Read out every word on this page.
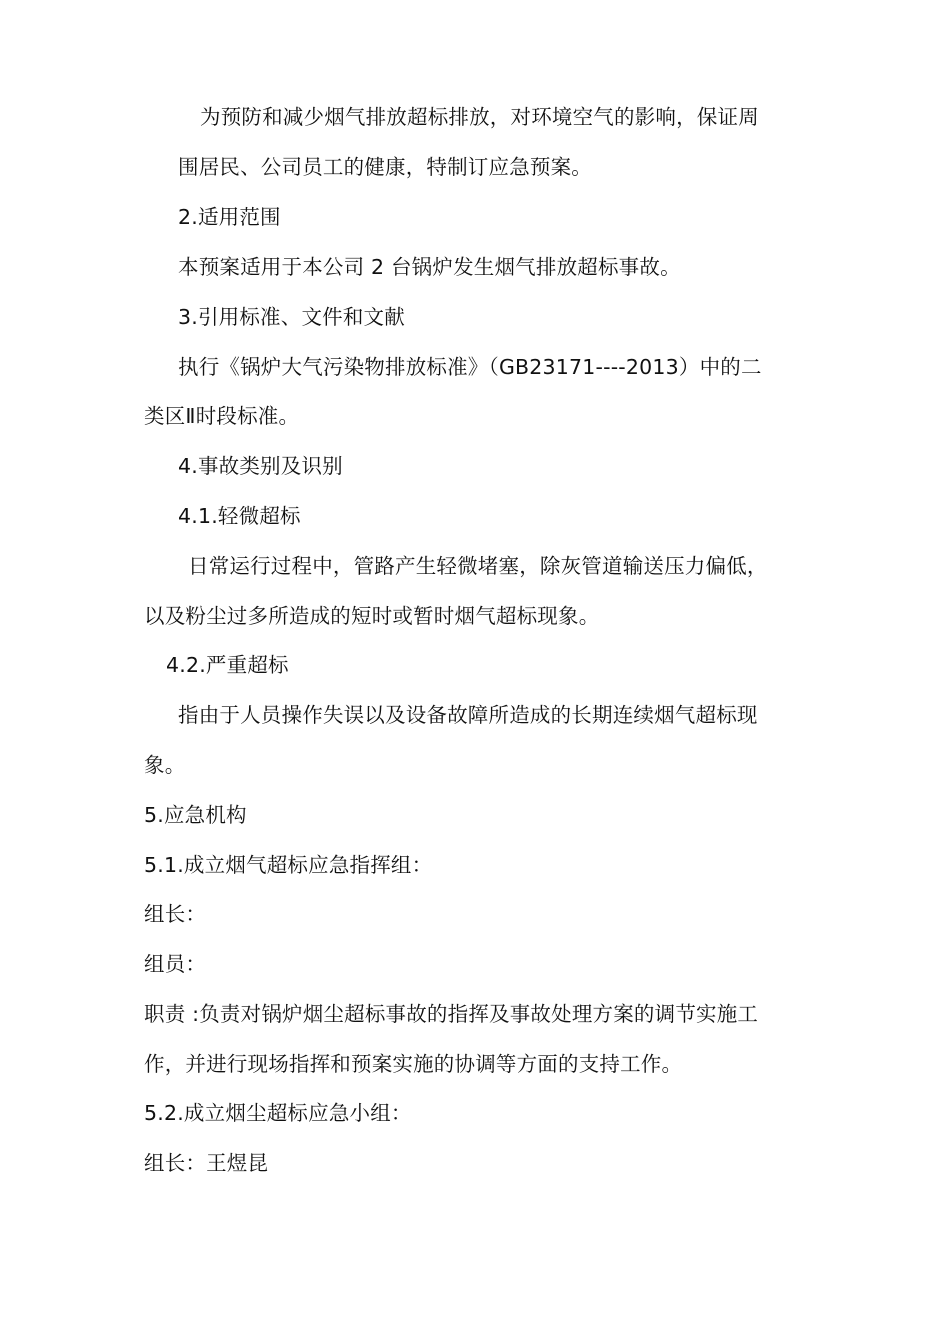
为预防和减少烟气排放超标排放，对环境空气的影响，保证周
围居民、公司员工的健康，特制订应急预案。
2.适用范围
本预案适用于本公司 2 台锅炉发生烟气排放超标事故。
3.引用标准、文件和文献
执行《锅炉大气污染物排放标准》（GB23171----2013）中的二
类区Ⅱ时段标准。
4.事故类别及识别
4.1.轻微超标
日常运行过程中，管路产生轻微堵塞，除灰管道输送压力偏低，
以及粉尘过多所造成的短时或暂时烟气超标现象。
4.2.严重超标
指由于人员操作失误以及设备故障所造成的长期连续烟气超标现
象。
5.应急机构
5.1.成立烟气超标应急指挥组：
组长：
组员：
职责 :负责对锅炉烟尘超标事故的指挥及事故处理方案的调节实施工
作，并进行现场指挥和预案实施的协调等方面的支持工作。
5.2.成立烟尘超标应急小组：
组长：王煜昆
